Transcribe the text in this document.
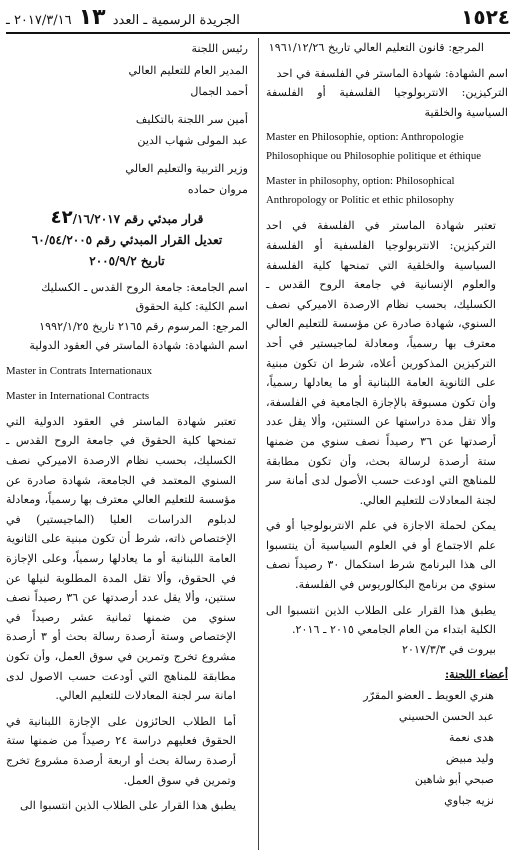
١٥٢٤
الجريدة الرسمية ـ العدد ١٣ ٢٠١٧/٣/١٦ ـ

المرجع: قانون التعليم العالي تاريخ ١٩٦١/١٢/٢٦

اسم الشهادة: شهادة الماستر في الفلسفة في احد

التركيزين: الانتربولوجيا الفلسفية أو الفلسفة السياسية والخلقية

Master en Philosophie, option: Anthropologie Philosophique ou Philosophie politique et éthique

Master in philosophy, option: Philosophical Anthropology or Politic et ethic philosophy

تعتبر شهادة الماستر في الفلسفة في احد التركيزين: الانتربولوجيا الفلسفية أو الفلسفة السياسية والخلقية التي تمنحها كلية الفلسفة والعلوم الإنسانية في جامعة الروح القدس ـ الكسليك، بحسب نظام الارصدة الاميركي نصف السنوي، شهادة صادرة عن مؤسسة للتعليم العالي معترف بها رسمياً، ومعادلة لماجيستير في أحد التركيزين المذكورين أعلاه، شرط ان تكون مبنية على الثانوية العامة اللبنانية أو ما يعادلها رسمياً، وأن تكون مسبوقة بالإجازة الجامعية في الفلسفة، وألا تقل مدة دراستها عن السنتين، وألا يقل عدد أرصدتها عن ٣٦ رصيداً نصف سنوي من ضمنها ستة أرصدة لرسالة بحث، وأن تكون مطابقة للمناهج التي اودعت حسب الأصول لدى أمانة سر لجنة المعادلات للتعليم العالي.

يمكن لحملة الاجازة في علم الانتربولوجيا أو في علم الاجتماع أو في العلوم السياسية أن ينتسبوا الى هذا البرنامج شرط استكمال ٣٠ رصيداً نصف سنوي من برنامج البكالوريوس في الفلسفة.

يطبق هذا القرار على الطلاب الذين انتسبوا الى الكلية ابتداء من العام الجامعي ٢٠١٥ ـ ٢٠١٦.

بيروت في ٢٠١٧/٣/٣

أعضاء اللجنة:
هنري العويط ـ العضو المقرّر
عبد الحسن الحسيني
هدى نعمة
وليد مبيض
صبحي أبو شاهين
نزيه جباوي
رئيس اللجنة
المدير العام للتعليم العالي
أحمد الجمال
أمين سر اللجنة بالتكليف
عبد المولى شهاب الدين
وزير التربية والتعليم العالي
مروان حماده
قرار مبدئي رقم ٤٢/١٦/٢٠١٧
تعديل القرار المبدئي رقم ٦٠/٥٤/٢٠٠٥
تاريخ ٢٠٠٥/٩/٢

اسم الجامعة: جامعة الروح القدس ـ الكسليك

اسم الكلية: كلية الحقوق

المرجع: المرسوم رقم ٢١٦٥ تاريخ ١٩٩٢/١/٢٥

اسم الشهادة: شهادة الماستر في العقود الدولية

Master in Contrats Internationaux

Master in International Contracts

تعتبر شهادة الماستر في العقود الدولية التي تمنحها كلية الحقوق في جامعة الروح القدس ـ الكسليك، بحسب نظام الارصدة الاميركي نصف السنوي المعتمد في الجامعة، شهادة صادرة عن مؤسسة للتعليم العالي معترف بها رسمياً، ومعادلة لدبلوم الدراسات العليا (الماجيستير) في الإختصاص ذاته، شرط أن تكون مبنية على الثانوية العامة اللبنانية أو ما يعادلها رسمياً، وعلى الإجازة في الحقوق، وألا تقل المدة المطلوبة لنيلها عن سنتين، وألا يقل عدد أرصدتها عن ٣٦ رصيداً نصف سنوي من ضمنها ثمانية عشر رصيداً في الإختصاص وستة أرصدة رسالة بحث أو ٣ أرصدة مشروع تخرج وتمرين في سوق العمل، وأن تكون مطابقة للمناهج التي أودعت حسب الاصول لدى امانة سر لجنة المعادلات للتعليم العالي.

أما الطلاب الحائزون على الإجازة اللبنانية في الحقوق فعليهم دراسة ٢٤ رصيداً من ضمنها ستة أرصدة رسالة بحث أو اربعة أرصدة مشروع تخرج وتمرين في سوق العمل.

يطبق هذا القرار على الطلاب الذين انتسبوا الى
